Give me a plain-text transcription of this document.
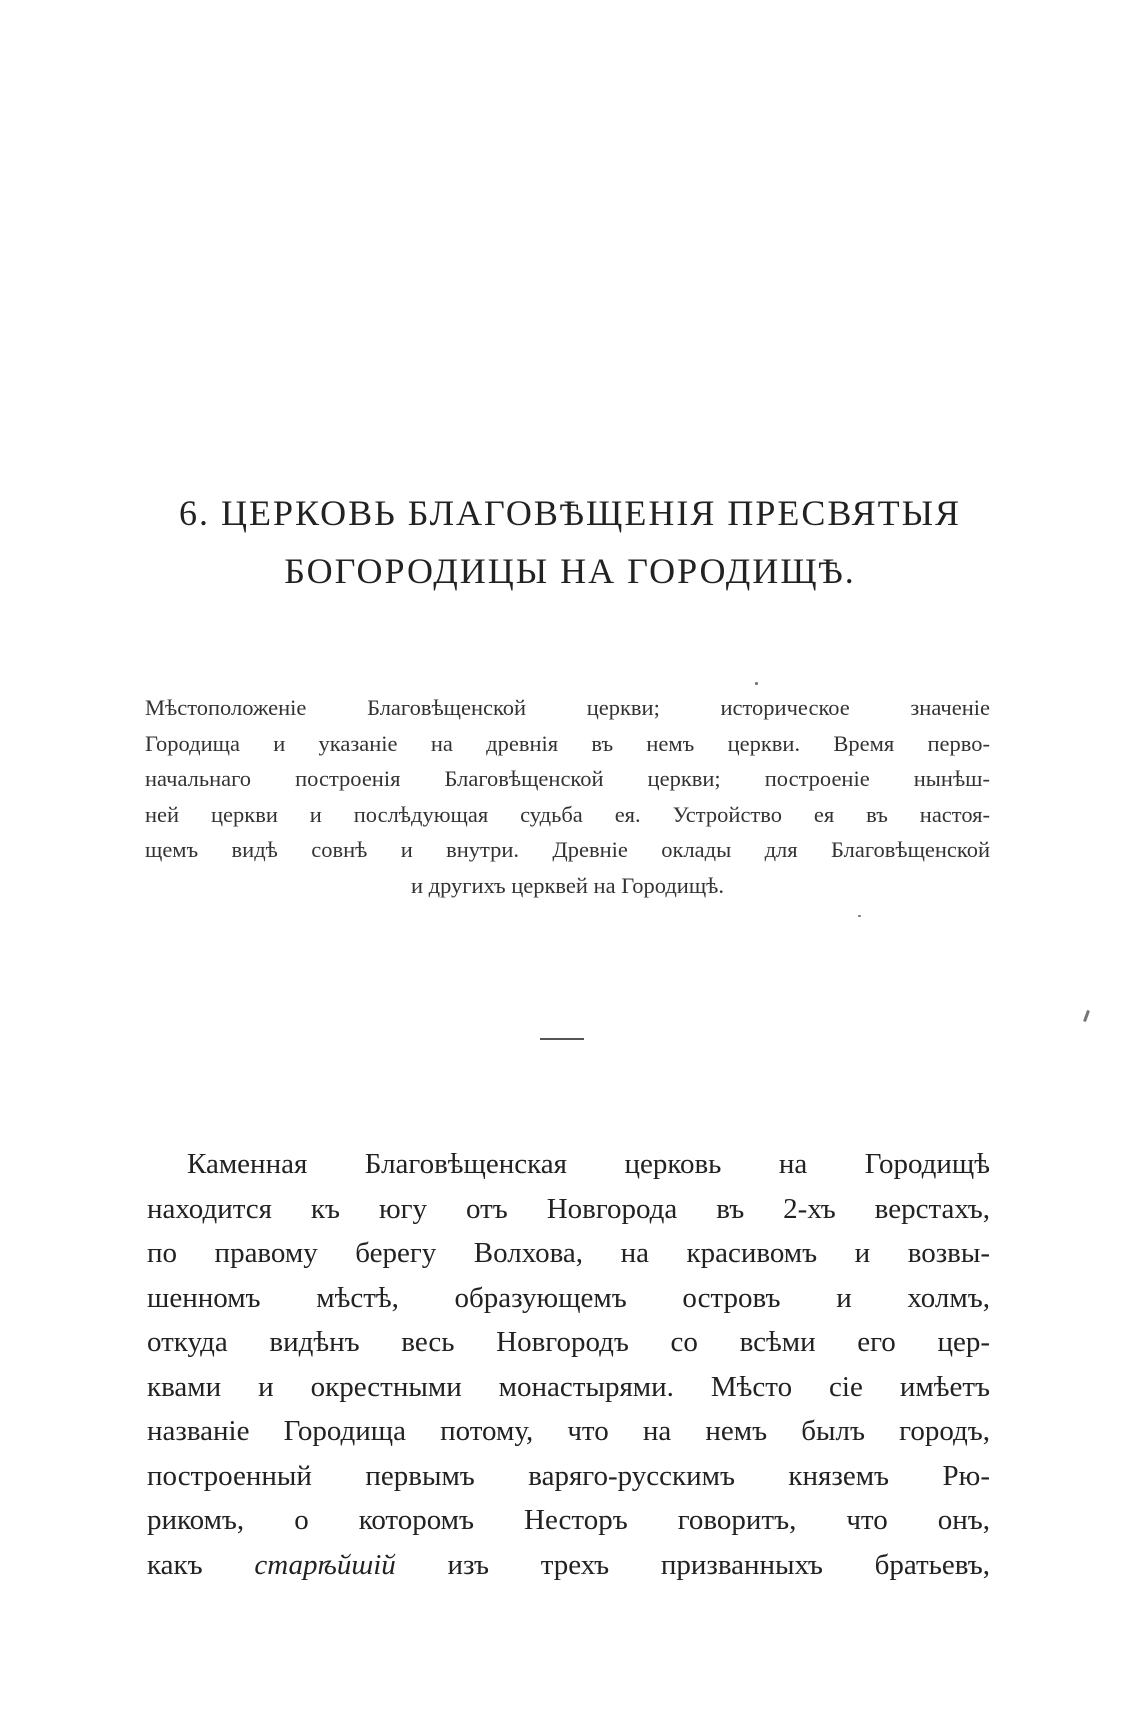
6. ЦЕРКОВЬ БЛАГОВѢЩЕНІЯ ПРЕСВЯТЫЯ
БОГОРОДИЦЫ НА ГОРОДИЩѢ.

Мѣстоположеніе Благовѣщенской церкви; историческое значеніе
Городища и указаніе на древнія въ немъ церкви. Время перво-
начальнаго построенія Благовѣщенской церкви; построеніе нынѣш-
ней церкви и послѣдующая судьба ея. Устройство ея въ настоя-
щемъ видѣ совнѣ и внутри. Древніе оклады для Благовѣщенской
и другихъ церквей на Городищѣ.

Каменная Благовѣщенская церковь на Городищѣ
находится къ югу отъ Новгорода въ 2-хъ верстахъ,
по правому берегу Волхова, на красивомъ и возвы-
шенномъ мѣстѣ, образующемъ островъ и холмъ,
откуда видѣнъ весь Новгородъ со всѣми его цер-
квами и окрестными монастырями. Мѣсто сіе имѣетъ
названіе Городища потому, что на немъ былъ городъ,
построенный первымъ варяго-русскимъ княземъ Рю-
рикомъ, о которомъ Несторъ говоритъ, что онъ,
какъ старѣйшій изъ трехъ призванныхъ братьевъ,
